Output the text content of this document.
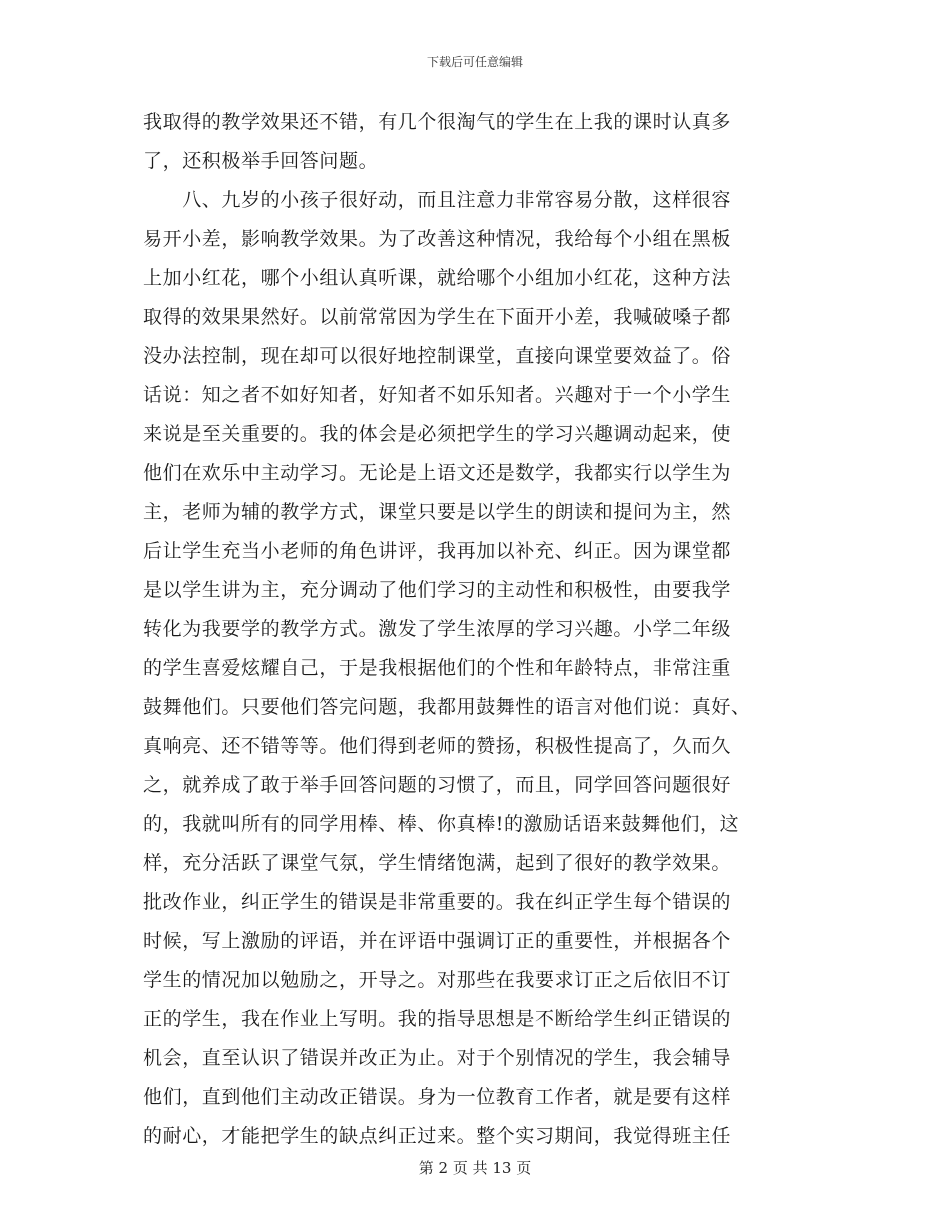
下载后可任意编辑
我取得的教学效果还不错，有几个很淘气的学生在上我的课时认真多
了，还积极举手回答问题。
　　八、九岁的小孩子很好动，而且注意力非常容易分散，这样很容
易开小差，影响教学效果。为了改善这种情况，我给每个小组在黑板
上加小红花，哪个小组认真听课，就给哪个小组加小红花，这种方法
取得的效果果然好。以前常常因为学生在下面开小差，我喊破嗓子都
没办法控制，现在却可以很好地控制课堂，直接向课堂要效益了。俗
话说：知之者不如好知者，好知者不如乐知者。兴趣对于一个小学生
来说是至关重要的。我的体会是必须把学生的学习兴趣调动起来，使
他们在欢乐中主动学习。无论是上语文还是数学，我都实行以学生为
主，老师为辅的教学方式，课堂只要是以学生的朗读和提问为主，然
后让学生充当小老师的角色讲评，我再加以补充、纠正。因为课堂都
是以学生讲为主，充分调动了他们学习的主动性和积极性，由要我学
转化为我要学的教学方式。激发了学生浓厚的学习兴趣。小学二年级
的学生喜爱炫耀自己，于是我根据他们的个性和年龄特点，非常注重
鼓舞他们。只要他们答完问题，我都用鼓舞性的语言对他们说：真好、
真响亮、还不错等等。他们得到老师的赞扬，积极性提高了，久而久
之，就养成了敢于举手回答问题的习惯了，而且，同学回答问题很好
的，我就叫所有的同学用棒、棒、你真棒!的激励话语来鼓舞他们，这
样，充分活跃了课堂气氛，学生情绪饱满，起到了很好的教学效果。
批改作业，纠正学生的错误是非常重要的。我在纠正学生每个错误的
时候，写上激励的评语，并在评语中强调订正的重要性，并根据各个
学生的情况加以勉励之，开导之。对那些在我要求订正之后依旧不订
正的学生，我在作业上写明。我的指导思想是不断给学生纠正错误的
机会，直至认识了错误并改正为止。对于个别情况的学生，我会辅导
他们，直到他们主动改正错误。身为一位教育工作者，就是要有这样
的耐心，才能把学生的缺点纠正过来。整个实习期间，我觉得班主任
第 2 页 共 13 页
